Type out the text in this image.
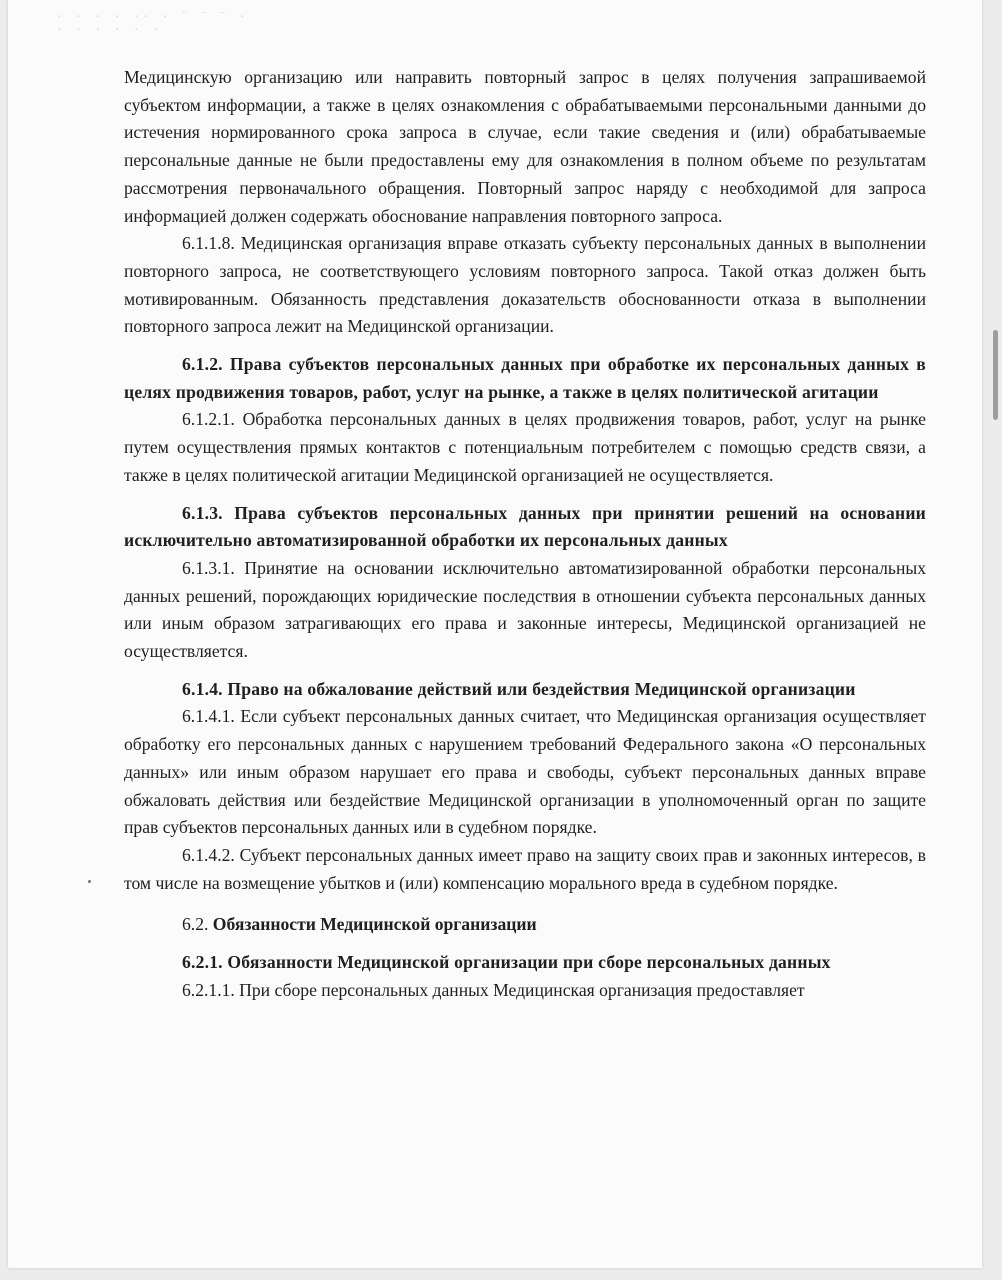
· · · · ·· · ¨ ¨ ¨ ·
· · · · · ·

Медицинскую организацию или направить повторный запрос в целях получения запрашиваемой субъектом информации, а также в целях ознакомления с обрабатываемыми персональными данными до истечения нормированного срока запроса в случае, если такие сведения и (или) обрабатываемые персональные данные не были предоставлены ему для ознакомления в полном объеме по результатам рассмотрения первоначального обращения. Повторный запрос наряду с необходимой для запроса информацией должен содержать обоснование направления повторного запроса.

6.1.1.8. Медицинская организация вправе отказать субъекту персональных данных в выполнении повторного запроса, не соответствующего условиям повторного запроса. Такой отказ должен быть мотивированным. Обязанность представления доказательств обоснованности отказа в выполнении повторного запроса лежит на Медицинской организации.

6.1.2. Права субъектов персональных данных при обработке их персональных данных в целях продвижения товаров, работ, услуг на рынке, а также в целях политической агитации

6.1.2.1. Обработка персональных данных в целях продвижения товаров, работ, услуг на рынке путем осуществления прямых контактов с потенциальным потребителем с помощью средств связи, а также в целях политической агитации Медицинской организацией не осуществляется.

6.1.3. Права субъектов персональных данных при принятии решений на основании исключительно автоматизированной обработки их персональных данных

6.1.3.1. Принятие на основании исключительно автоматизированной обработки персональных данных решений, порождающих юридические последствия в отношении субъекта персональных данных или иным образом затрагивающих его права и законные интересы, Медицинской организацией не осуществляется.

6.1.4. Право на обжалование действий или бездействия Медицинской организации

6.1.4.1. Если субъект персональных данных считает, что Медицинская организация осуществляет обработку его персональных данных с нарушением требований Федерального закона «О персональных данных» или иным образом нарушает его права и свободы, субъект персональных данных вправе обжаловать действия или бездействие Медицинской организации в уполномоченный орган по защите прав субъектов персональных данных или в судебном порядке.

6.1.4.2. Субъект персональных данных имеет право на защиту своих прав и законных интересов, в том числе на возмещение убытков и (или) компенсацию морального вреда в судебном порядке.

6.2. Обязанности Медицинской организации

6.2.1. Обязанности Медицинской организации при сборе персональных данных

6.2.1.1. При сборе персональных данных Медицинская организация предоставляет
